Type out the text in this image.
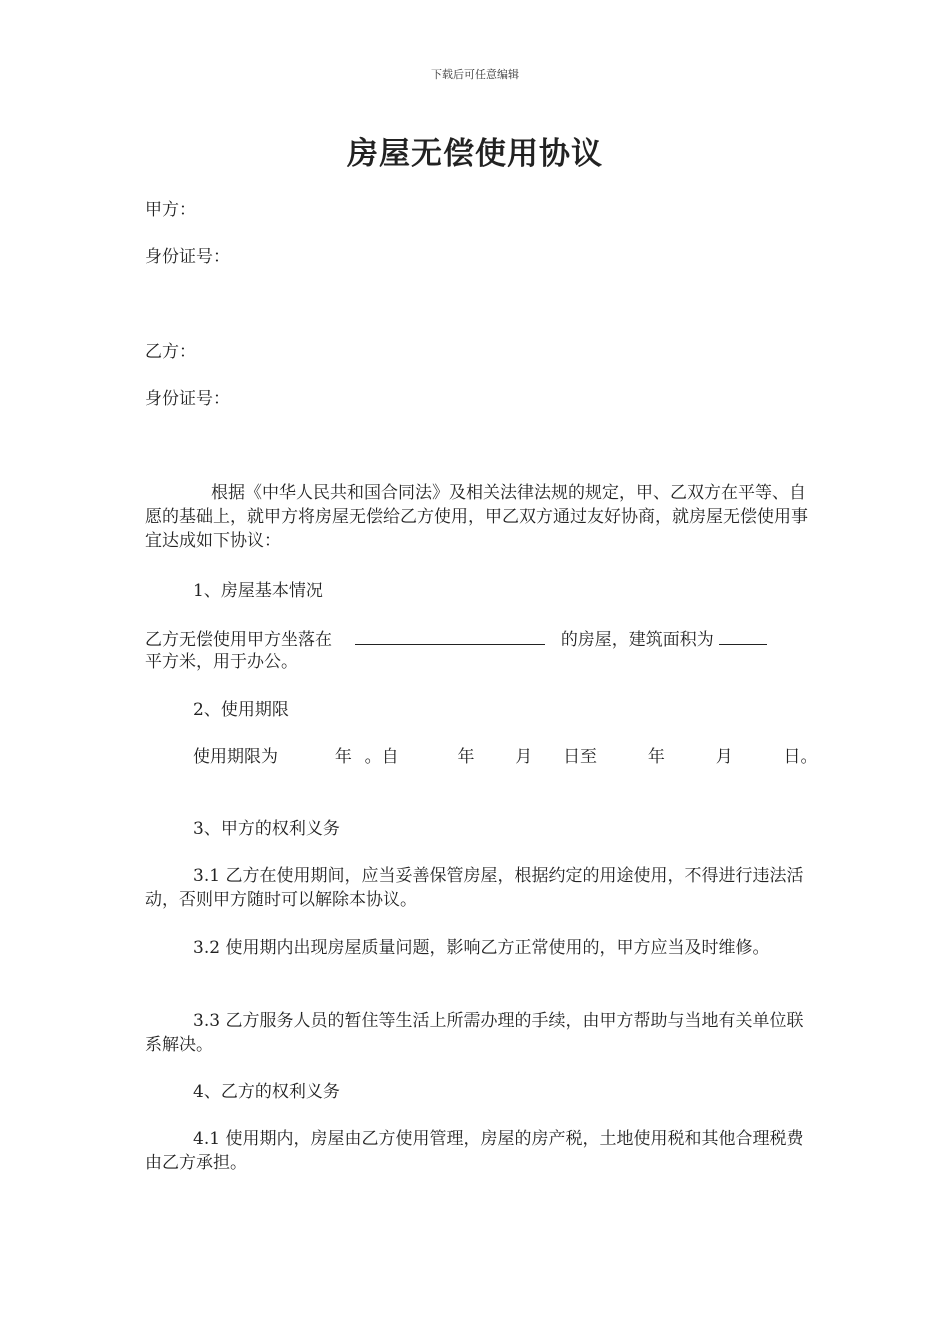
下载后可任意编辑
房屋无偿使用协议
甲方：
身份证号：
乙方：
身份证号：
根据《中华人民共和国合同法》及相关法律法规的规定，甲、乙双方在平等、自愿的基础上，就甲方将房屋无偿给乙方使用，甲乙双方通过友好协商，就房屋无偿使用事宜达成如下协议：
1、房屋基本情况
乙方无偿使用甲方坐落在	的房屋，建筑面积为
平方米，用于办公。
2、使用期限
使用期限为	年 。自	年 月 日至	年	月	日。
3、甲方的权利义务
3.1 乙方在使用期间，应当妥善保管房屋，根据约定的用途使用，不得进行违法活动，否则甲方随时可以解除本协议。
3.2 使用期内出现房屋质量问题，影响乙方正常使用的，甲方应当及时维修。
3.3 乙方服务人员的暂住等生活上所需办理的手续，由甲方帮助与当地有关单位联系解决。
4、乙方的权利义务
4.1 使用期内，房屋由乙方使用管理，房屋的房产税，土地使用税和其他合理税费由乙方承担。
